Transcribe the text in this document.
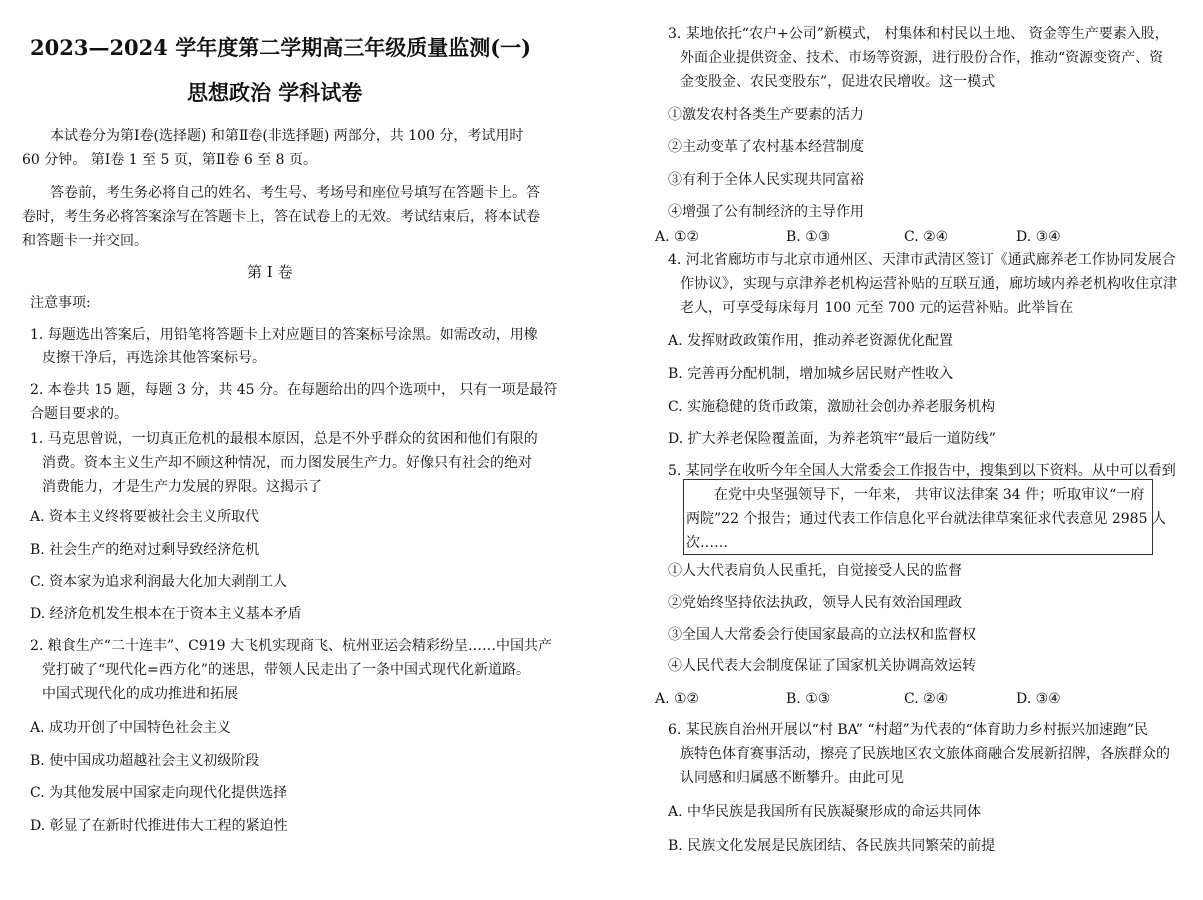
2023—2024 学年度第二学期高三年级质量监测(一)
思想政治 学科试卷
本试卷分为第Ⅰ卷(选择题) 和第Ⅱ卷(非选择题) 两部分，共 100 分，考试用时
60 分钟。 第Ⅰ卷 1 至 5 页，第Ⅱ卷 6 至 8 页。
答卷前，考生务必将自己的姓名、考生号、考场号和座位号填写在答题卡上。答
卷时，考生务必将答案涂写在答题卡上，答在试卷上的无效。考试结束后，将本试卷
和答题卡一并交回。
第 Ⅰ 卷
注意事项:
1. 每题选出答案后，用铅笔将答题卡上对应题目的答案标号涂黑。如需改动，用橡
皮擦干净后，再选涂其他答案标号。
2. 本卷共 15 题，每题 3 分，共 45 分。在每题给出的四个选项中， 只有一项是最符
合题目要求的。
1. 马克思曾说，一切真正危机的最根本原因，总是不外乎群众的贫困和他们有限的
消费。资本主义生产却不顾这种情况，而力图发展生产力。好像只有社会的绝对
消费能力，才是生产力发展的界限。这揭示了
A. 资本主义终将要被社会主义所取代
B. 社会生产的绝对过剩导致经济危机
C. 资本家为追求利润最大化加大剥削工人
D. 经济危机发生根本在于资本主义基本矛盾
2. 粮食生产“二十连丰”、C919 大飞机实现商飞、杭州亚运会精彩纷呈……中国共产
党打破了“现代化=西方化”的迷思，带领人民走出了一条中国式现代化新道路。
中国式现代化的成功推进和拓展
A. 成功开创了中国特色社会主义
B. 使中国成功超越社会主义初级阶段
C. 为其他发展中国家走向现代化提供选择
D. 彰显了在新时代推进伟大工程的紧迫性
3. 某地依托“农户+公司”新模式， 村集体和村民以土地、 资金等生产要素入股，
外面企业提供资金、技术、市场等资源，进行股份合作，推动“资源变资产、资
金变股金、农民变股东”，促进农民增收。这一模式
①激发农村各类生产要素的活力
②主动变革了农村基本经营制度
③有利于全体人民实现共同富裕
④增强了公有制经济的主导作用
A. ①②	B. ①③	C. ②④	D. ③④
4. 河北省廊坊市与北京市通州区、天津市武清区签订《通武廊养老工作协同发展合
作协议》，实现与京津养老机构运营补贴的互联互通，廊坊域内养老机构收住京津
老人，可享受每床每月 100 元至 700 元的运营补贴。此举旨在
A. 发挥财政政策作用，推动养老资源优化配置
B. 完善再分配机制，增加城乡居民财产性收入
C. 实施稳健的货币政策，激励社会创办养老服务机构
D. 扩大养老保险覆盖面，为养老筑牢“最后一道防线”
5. 某同学在收听今年全国人大常委会工作报告中，搜集到以下资料。从中可以看到
在党中央坚强领导下，一年来， 共审议法律案 34 件；听取审议“一府
两院”22 个报告；通过代表工作信息化平台就法律草案征求代表意见 2985 人
次……
①人大代表肩负人民重托，自觉接受人民的监督
②党始终坚持依法执政，领导人民有效治国理政
③全国人大常委会行使国家最高的立法权和监督权
④人民代表大会制度保证了国家机关协调高效运转
A. ①②	B. ①③	C. ②④	D. ③④
6. 某民族自治州开展以“村 BA” “村超”为代表的“体育助力乡村振兴加速跑”民
族特色体育赛事活动，擦亮了民族地区农文旅体商融合发展新招牌，各族群众的
认同感和归属感不断攀升。由此可见
A. 中华民族是我国所有民族凝聚形成的命运共同体
B. 民族文化发展是民族团结、各民族共同繁荣的前提
